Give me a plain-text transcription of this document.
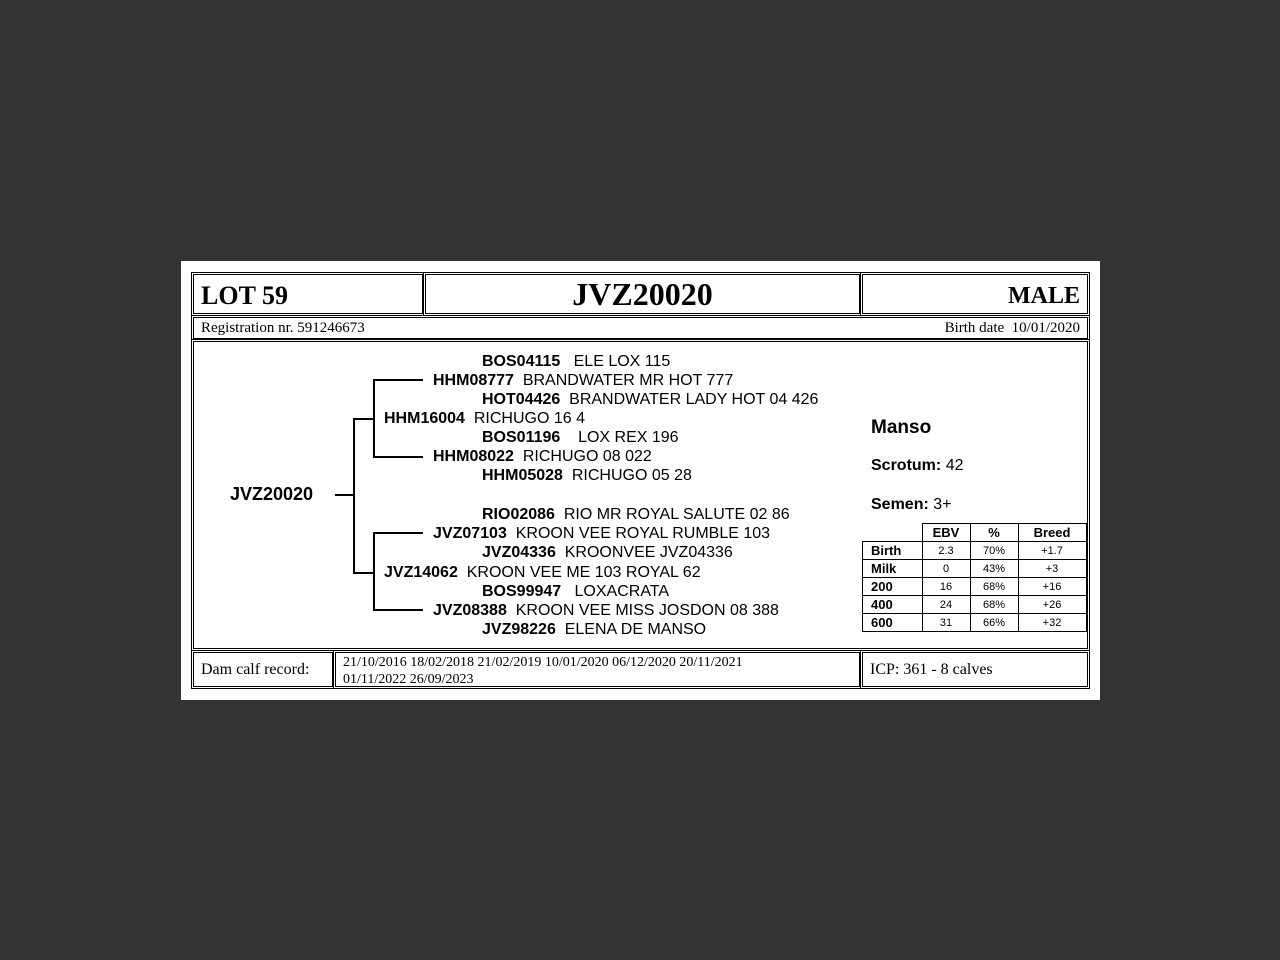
LOT 59	JVZ20020	MALE
Registration nr. 591246673	Birth date  10/01/2020
JVZ20020
BOS04115 ELE LOX 115
HHM08777 BRANDWATER MR HOT 777
HOT04426 BRANDWATER LADY HOT 04 426
HHM16004 RICHUGO 16 4
BOS01196 LOX REX 196
HHM08022 RICHUGO 08 022
HHM05028 RICHUGO 05 28
RIO02086 RIO MR ROYAL SALUTE 02 86
JVZ07103 KROON VEE ROYAL RUMBLE 103
JVZ04336 KROONVEE JVZ04336
JVZ14062 KROON VEE ME 103 ROYAL 62
BOS99947 LOXACRATA
JVZ08388 KROON VEE MISS JOSDON 08 388
JVZ98226 ELENA DE MANSO
Manso
Scrotum: 42
Semen: 3+
	EBV	%	Breed
Birth	2.3	70%	+1.7
Milk	0	43%	+3
200	16	68%	+16
400	24	68%	+26
600	31	66%	+32
Dam calf record: 21/10/2016 18/02/2018 21/02/2019 10/01/2020 06/12/2020 20/11/2021
01/11/2022 26/09/2023
ICP: 361 - 8 calves
